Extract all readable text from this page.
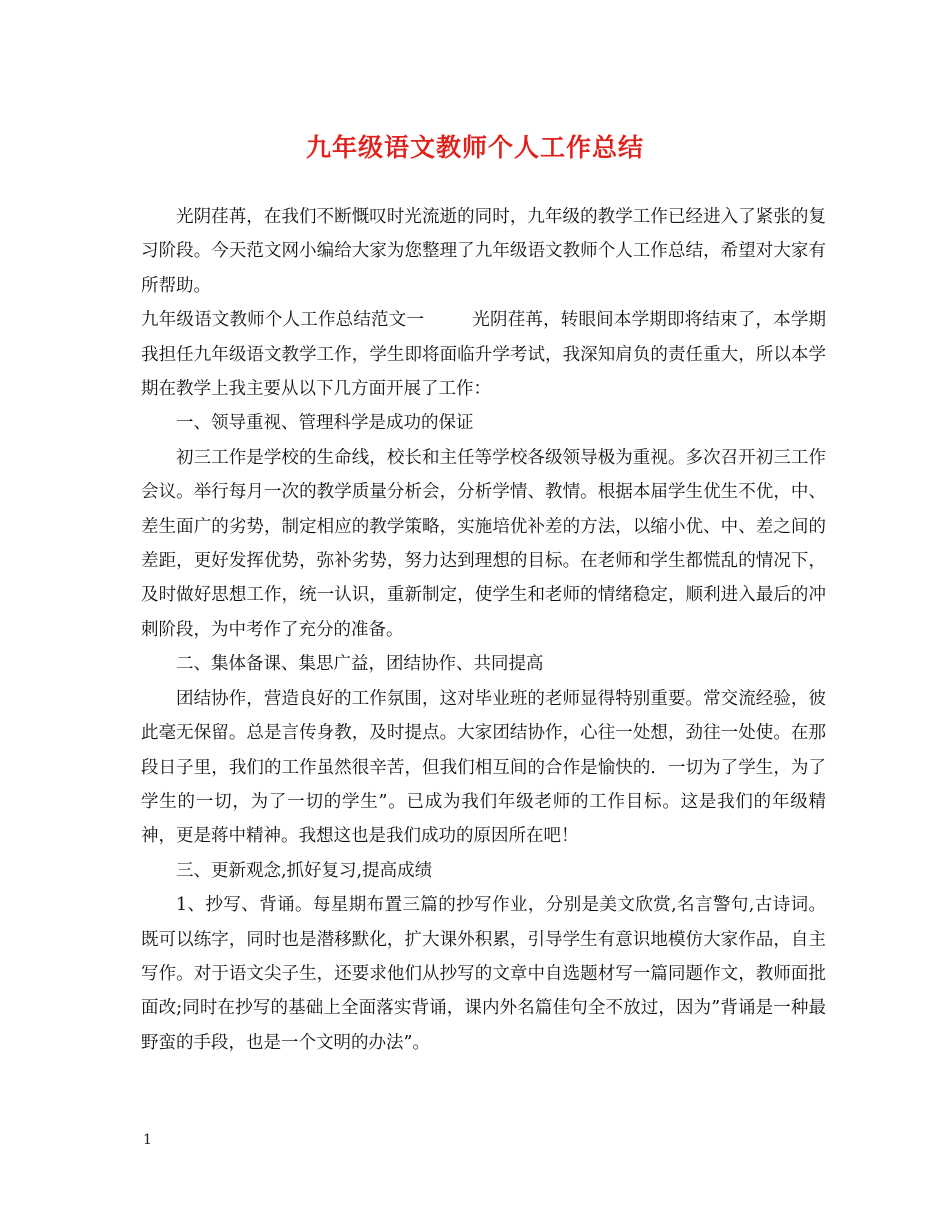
九年级语文教师个人工作总结

光阴荏苒，在我们不断慨叹时光流逝的同时，九年级的教学工作已经进入了紧张的复习阶段。今天范文网小编给大家为您整理了九年级语文教师个人工作总结，希望对大家有所帮助。

九年级语文教师个人工作总结范文一	光阴荏苒，转眼间本学期即将结束了，本学期我担任九年级语文教学工作，学生即将面临升学考试，我深知肩负的责任重大，所以本学期在教学上我主要从以下几方面开展了工作：

一、领导重视、管理科学是成功的保证

初三工作是学校的生命线，校长和主任等学校各级领导极为重视。多次召开初三工作会议。举行每月一次的教学质量分析会，分析学情、教情。根据本届学生优生不优，中、差生面广的劣势，制定相应的教学策略，实施培优补差的方法，以缩小优、中、差之间的差距，更好发挥优势，弥补劣势，努力达到理想的目标。在老师和学生都慌乱的情况下，及时做好思想工作，统一认识，重新制定，使学生和老师的情绪稳定，顺利进入最后的冲刺阶段，为中考作了充分的准备。

二、集体备课、集思广益，团结协作、共同提高

团结协作，营造良好的工作氛围，这对毕业班的老师显得特别重要。常交流经验，彼此毫无保留。总是言传身教，及时提点。大家团结协作，心往一处想，劲往一处使。在那段日子里，我们的工作虽然很辛苦，但我们相互间的合作是愉快的．一切为了学生，为了学生的一切，为了一切的学生”。已成为我们年级老师的工作目标。这是我们的年级精神，更是蒋中精神。我想这也是我们成功的原因所在吧！

三、更新观念,抓好复习,提高成绩

1、抄写、背诵。每星期布置三篇的抄写作业，分别是美文欣赏,名言警句,古诗词。既可以练字，同时也是潜移默化，扩大课外积累，引导学生有意识地模仿大家作品，自主写作。对于语文尖子生，还要求他们从抄写的文章中自选题材写一篇同题作文，教师面批面改;同时在抄写的基础上全面落实背诵，课内外名篇佳句全不放过，因为”背诵是一种最野蛮的手段，也是一个文明的办法”。

1
